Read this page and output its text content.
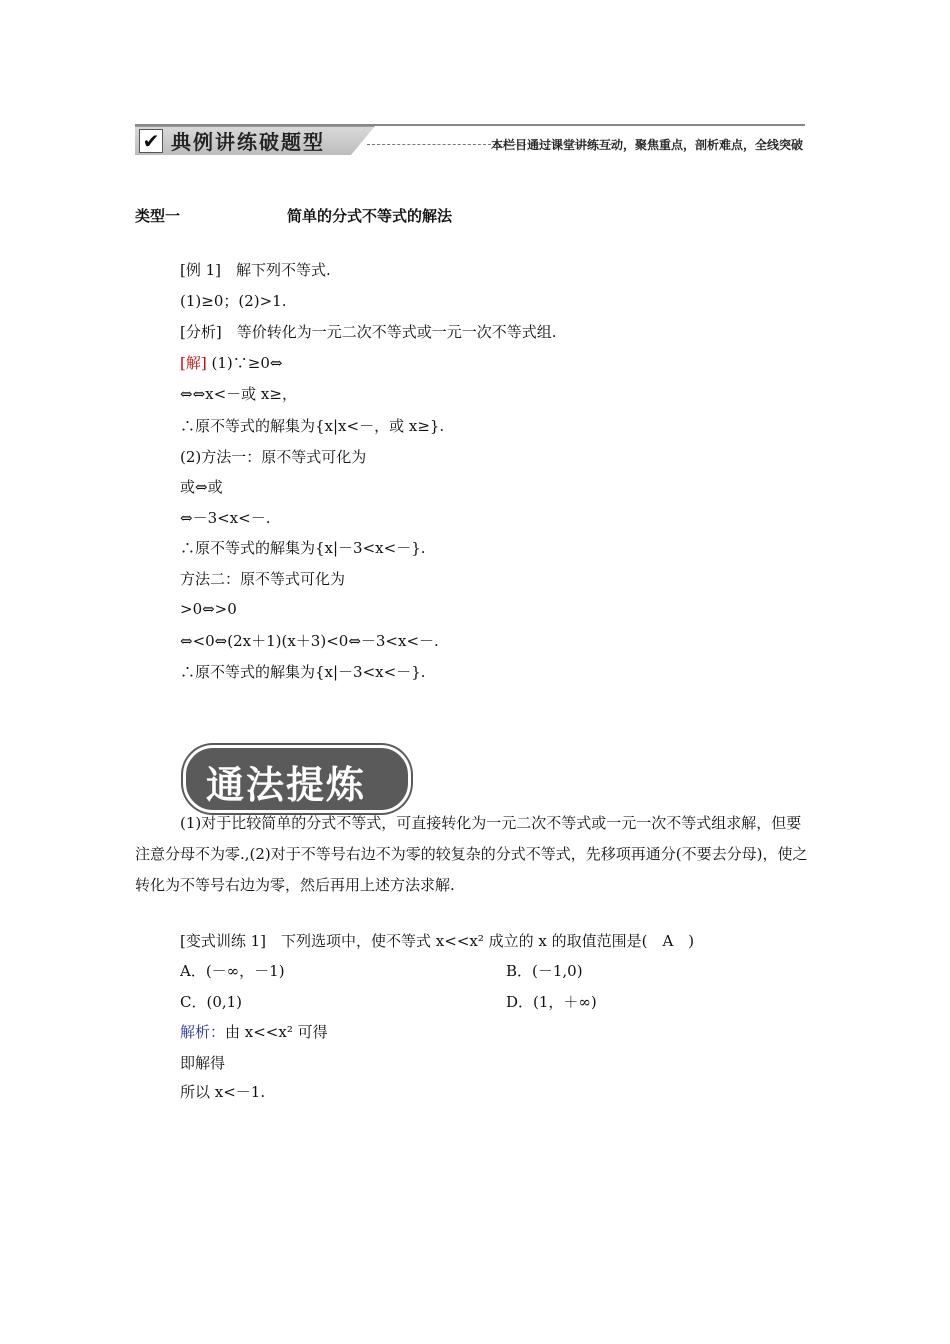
✔ 典例讲练破题型	本栏目通过课堂讲练互动，聚焦重点，剖析难点，全线突破
类型一	简单的分式不等式的解法
[例 1]　解下列不等式.
(1)≥0；(2)>1.
[分析]　等价转化为一元二次不等式或一元一次不等式组.
[解] (1)∵≥0⇔
⇔⇔x<－或 x≥，
∴原不等式的解集为{x|x<－，或 x≥}.
(2)方法一：原不等式可化为
或⇔或
⇔－3<x<－.
∴原不等式的解集为{x|－3<x<－}.
方法二：原不等式可化为
>0⇔>0
⇔<0⇔(2x＋1)(x＋3)<0⇔－3<x<－.
∴原不等式的解集为{x|－3<x<－}.
通法提炼

(1)对于比较简单的分式不等式，可直接转化为一元二次不等式或一元一次不等式组求解，但要注意分母不为零.,(2)对于不等号右边不为零的较复杂的分式不等式，先移项再通分(不要去分母)，使之转化为不等号右边为零，然后再用上述方法求解.

[变式训练 1]　下列选项中，使不等式 x<<x² 成立的 x 的取值范围是(　A　)
A．(－∞，－1)	B．(－1,0)
C．(0,1)	D．(1，＋∞)
解析：由 x<<x² 可得
即解得
所以 x<－1.
